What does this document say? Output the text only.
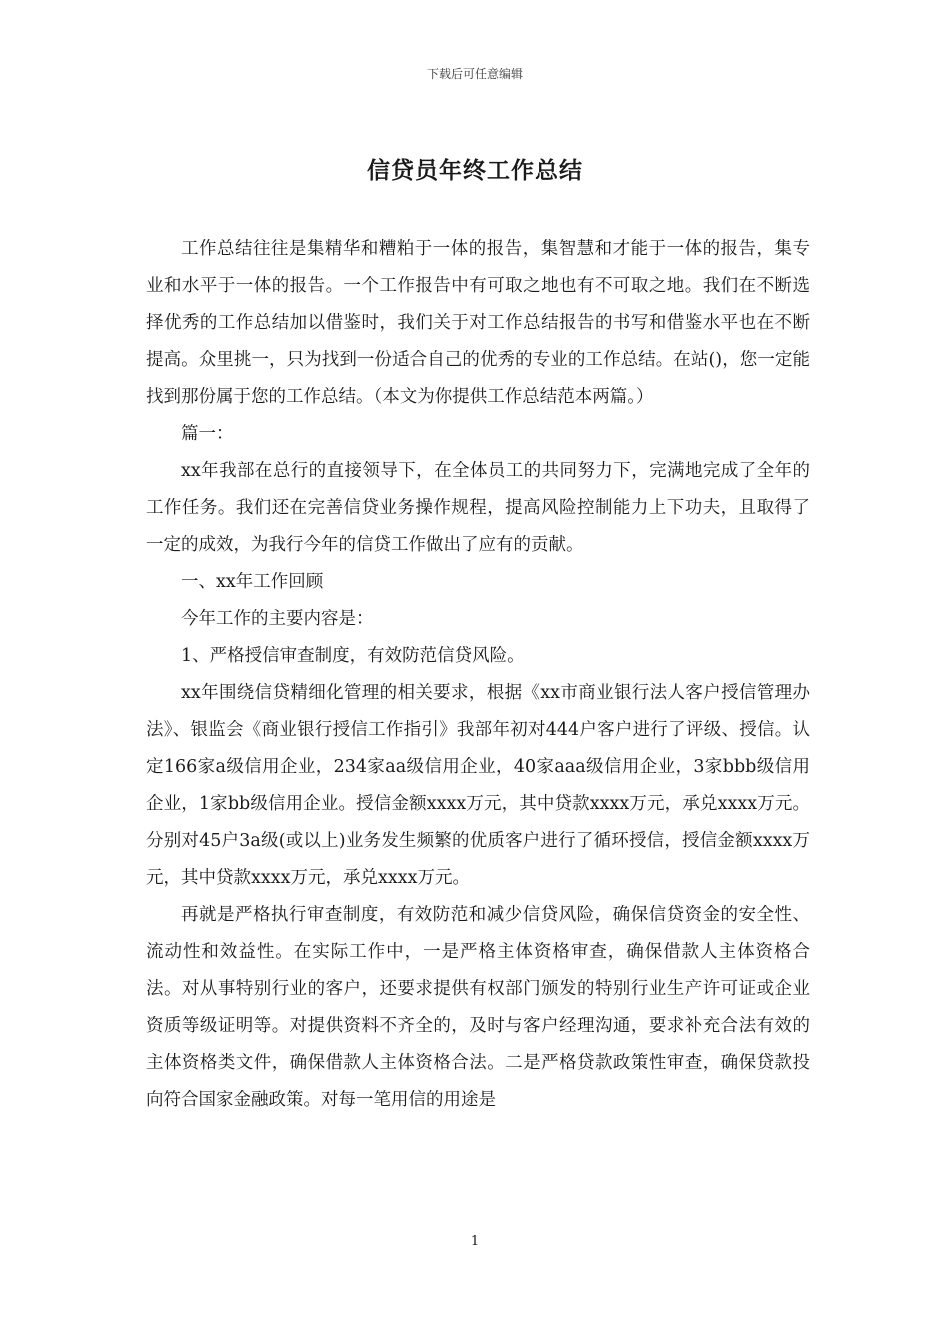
下载后可任意编辑
信贷员年终工作总结

工作总结往往是集精华和糟粕于一体的报告，集智慧和才能于一体的报告，集专业和水平于一体的报告。一个工作报告中有可取之地也有不可取之地。我们在不断选择优秀的工作总结加以借鉴时，我们关于对工作总结报告的书写和借鉴水平也在不断提高。众里挑一，只为找到一份适合自己的优秀的专业的工作总结。在站()，您一定能找到那份属于您的工作总结。（本文为你提供工作总结范本两篇。）

篇一：

xx年我部在总行的直接领导下，在全体员工的共同努力下，完满地完成了全年的工作任务。我们还在完善信贷业务操作规程，提高风险控制能力上下功夫，且取得了一定的成效，为我行今年的信贷工作做出了应有的贡献。

一、xx年工作回顾

今年工作的主要内容是：

1、严格授信审查制度，有效防范信贷风险。

xx年围绕信贷精细化管理的相关要求，根据《xx市商业银行法人客户授信管理办法》、银监会《商业银行授信工作指引》我部年初对444户客户进行了评级、授信。认定166家a级信用企业，234家aa级信用企业，40家aaa级信用企业，3家bbb级信用企业，1家bb级信用企业。授信金额xxxx万元，其中贷款xxxx万元，承兑xxxx万元。分别对45户3a级(或以上)业务发生频繁的优质客户进行了循环授信，授信金额xxxx万元，其中贷款xxxx万元，承兑xxxx万元。

再就是严格执行审查制度，有效防范和减少信贷风险，确保信贷资金的安全性、流动性和效益性。在实际工作中，一是严格主体资格审查，确保借款人主体资格合法。对从事特别行业的客户，还要求提供有权部门颁发的特别行业生产许可证或企业资质等级证明等。对提供资料不齐全的，及时与客户经理沟通，要求补充合法有效的主体资格类文件，确保借款人主体资格合法。二是严格贷款政策性审查，确保贷款投向符合国家金融政策。对每一笔用信的用途是

1
